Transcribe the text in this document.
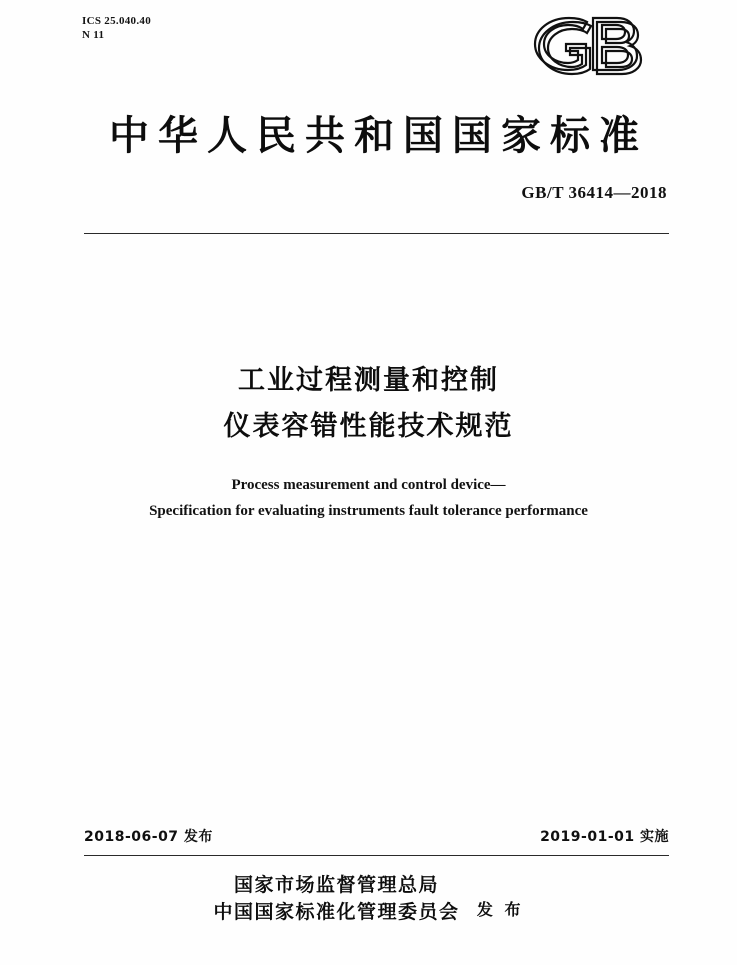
ICS 25.040.40
N 11
中华人民共和国国家标准
GB/T 36414—2018
工业过程测量和控制
仪表容错性能技术规范
Process measurement and control device—
Specification for evaluating instruments fault tolerance performance
2018-06-07 发布	2019-01-01 实施
国家市场监督管理总局
中国国家标准化管理委员会 发 布
